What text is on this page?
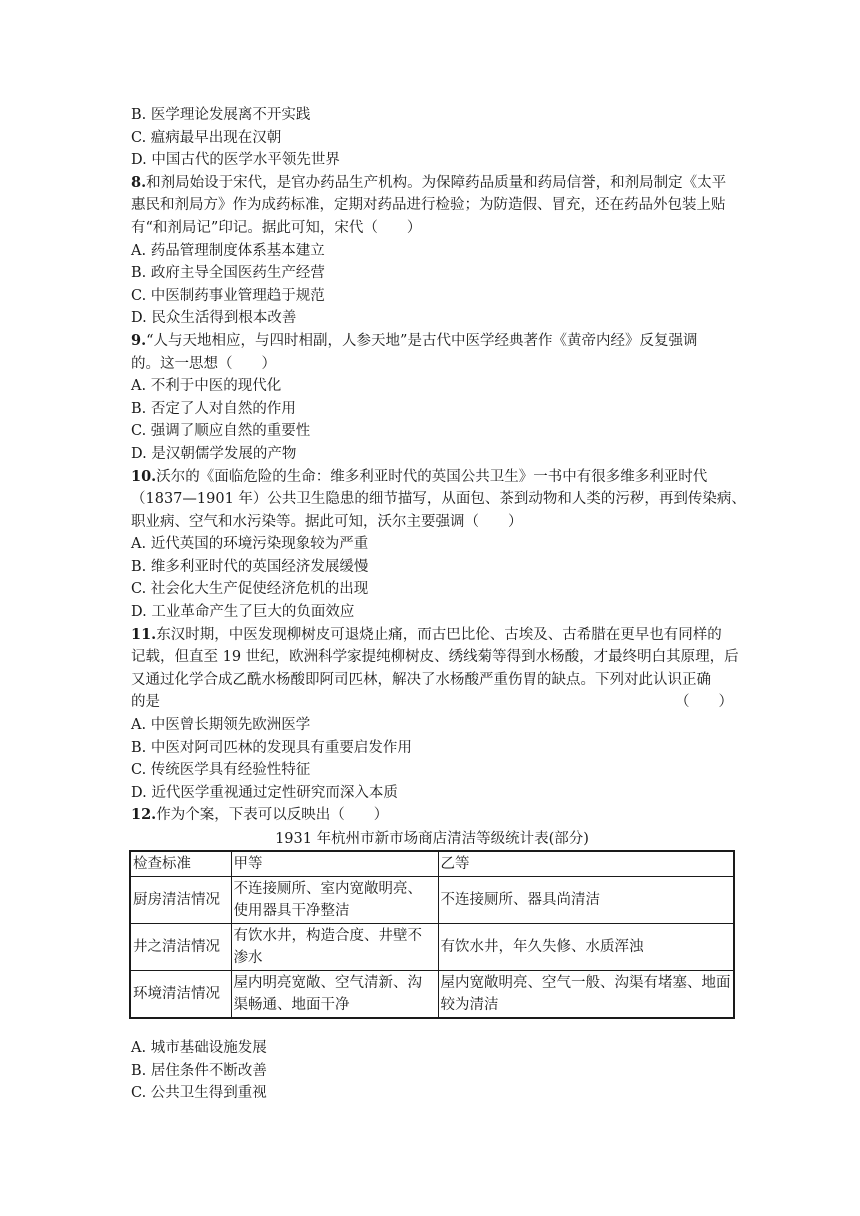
B. 医学理论发展离不开实践
C. 瘟病最早出现在汉朝
D. 中国古代的医学水平领先世界
8.和剂局始设于宋代，是官办药品生产机构。为保障药品质量和药局信誉，和剂局制定《太平
惠民和剂局方》作为成药标准，定期对药品进行检验；为防造假、冒充，还在药品外包装上贴
有“和剂局记”印记。据此可知，宋代（　　）
A. 药品管理制度体系基本建立
B. 政府主导全国医药生产经营
C. 中医制药事业管理趋于规范
D. 民众生活得到根本改善
9.“人与天地相应，与四时相副，人参天地”是古代中医学经典著作《黄帝内经》反复强调
的。这一思想（　　）
A. 不利于中医的现代化
B. 否定了人对自然的作用
C. 强调了顺应自然的重要性
D. 是汉朝儒学发展的产物
10.沃尔的《面临危险的生命：维多利亚时代的英国公共卫生》一书中有很多维多利亚时代
（1837—1901 年）公共卫生隐患的细节描写，从面包、茶到动物和人类的污秽，再到传染病、
职业病、空气和水污染等。据此可知，沃尔主要强调（　　）
A. 近代英国的环境污染现象较为严重
B. 维多利亚时代的英国经济发展缓慢
C. 社会化大生产促使经济危机的出现
D. 工业革命产生了巨大的负面效应
11.东汉时期，中医发现柳树皮可退烧止痛，而古巴比伦、古埃及、古希腊在更早也有同样的
记载，但直至 19 世纪，欧洲科学家提纯柳树皮、绣线菊等得到水杨酸，才最终明白其原理，后
又通过化学合成乙酰水杨酸即阿司匹林，解决了水杨酸严重伤胃的缺点。下列对此认识正确
的是	（　　）
A. 中医曾长期领先欧洲医学
B. 中医对阿司匹林的发现具有重要启发作用
C. 传统医学具有经验性特征
D. 近代医学重视通过定性研究而深入本质
12.作为个案，下表可以反映出（　　）
1931 年杭州市新市场商店清洁等级统计表(部分)
检查标准	甲等	乙等
厨房清洁情况	不连接厕所、室内宽敞明亮、使用器具干净整洁	不连接厕所、器具尚清洁
井之清洁情况	有饮水井，构造合度、井壁不渗水	有饮水井，年久失修、水质浑浊
环境清洁情况	屋内明亮宽敞、空气清新、沟渠畅通、地面干净	屋内宽敞明亮、空气一般、沟渠有堵塞、地面较为清洁
A. 城市基础设施发展
B. 居住条件不断改善
C. 公共卫生得到重视
